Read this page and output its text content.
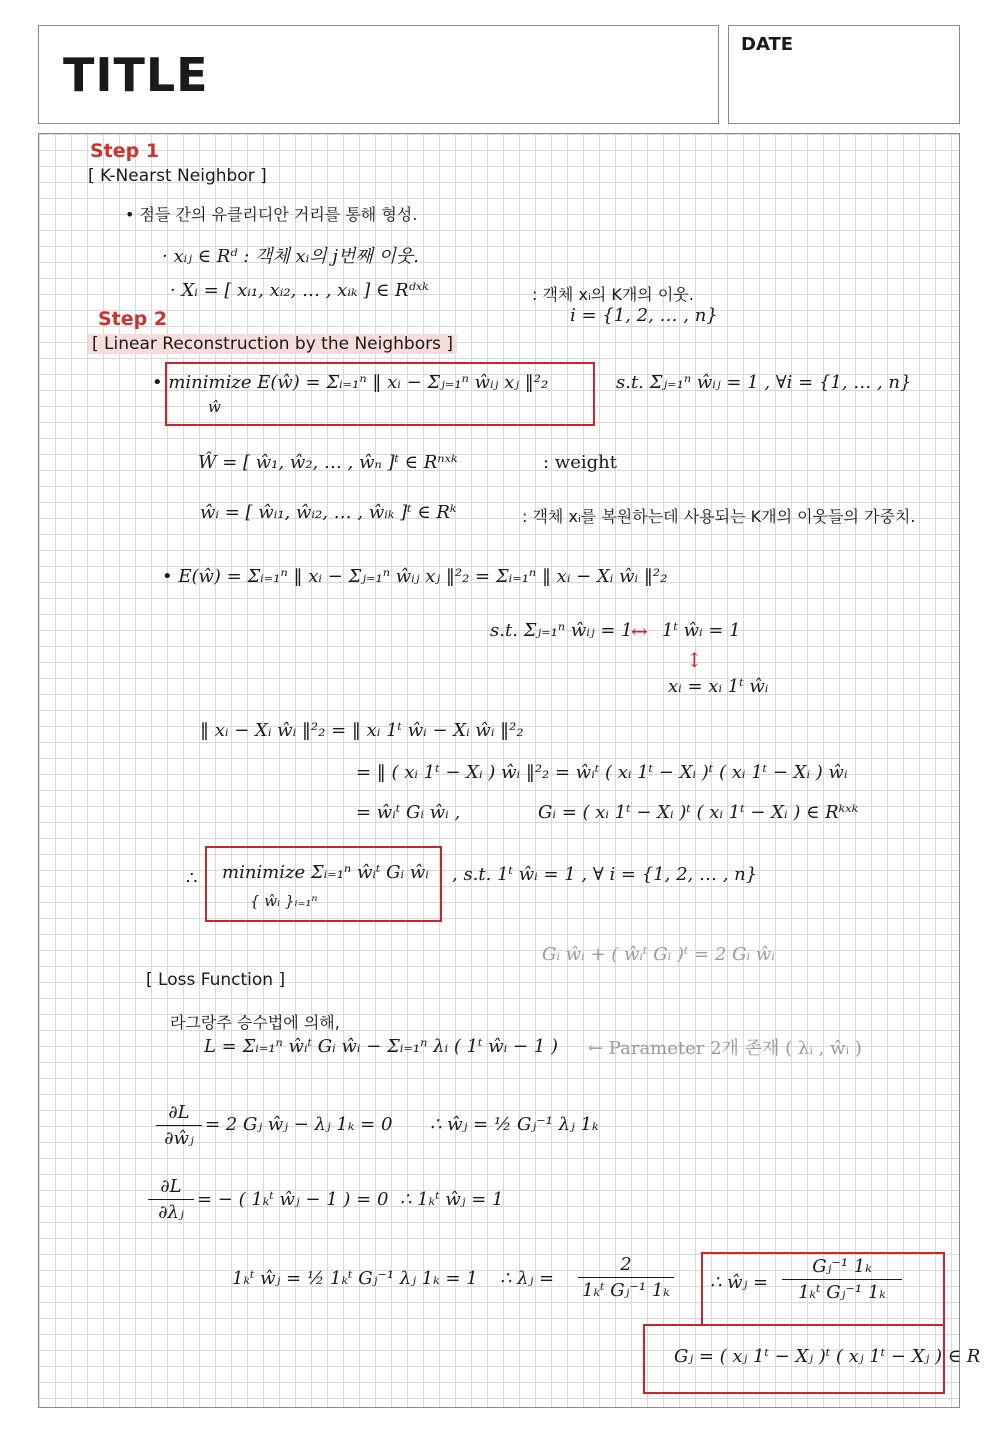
TITLE
DATE
Step 1
[ K-Nearst Neighbor ]
• 점들 간의 유클리디안 거리를 통해 형성.
· xᵢⱼ ∈ Rᵈ : 객체 xᵢ의 j번째 이웃.
· Xᵢ = [ xᵢ₁, xᵢ₂, … , xᵢₖ ] ∈ Rᵈˣᵏ	: 객체 xᵢ의 K개의 이웃.
i = {1, 2, … , n}
Step 2
[ Linear Reconstruction by the Neighbors ]
• minimize E(ŵ) = Σᵢ₌₁ⁿ ‖ xᵢ − Σⱼ₌₁ⁿ ŵᵢⱼ xⱼ ‖²₂
ŵ
s.t. Σⱼ₌₁ⁿ ŵᵢⱼ = 1 , ∀i = {1, … , n}
Ŵ = [ ŵ₁, ŵ₂, … , ŵₙ ]ᵗ ∈ Rⁿˣᵏ	: weight
ŵᵢ = [ ŵᵢ₁, ŵᵢ₂, … , ŵᵢₖ ]ᵗ ∈ Rᵏ	: 객체 xᵢ를 복원하는데 사용되는 K개의 이웃들의 가중치.
• E(ŵ) = Σᵢ₌₁ⁿ ‖ xᵢ − Σⱼ₌₁ⁿ ŵᵢⱼ xⱼ ‖²₂ = Σᵢ₌₁ⁿ ‖ xᵢ − Xᵢ ŵᵢ ‖²₂
s.t. Σⱼ₌₁ⁿ ŵᵢⱼ = 1
↔ 1ᵗ ŵᵢ = 1
↕
xᵢ = xᵢ 1ᵗ ŵᵢ
‖ xᵢ − Xᵢ ŵᵢ ‖²₂ = ‖ xᵢ 1ᵗ ŵᵢ − Xᵢ ŵᵢ ‖²₂
= ‖ ( xᵢ 1ᵗ − Xᵢ ) ŵᵢ ‖²₂ = ŵᵢᵗ ( xᵢ 1ᵗ − Xᵢ )ᵗ ( xᵢ 1ᵗ − Xᵢ ) ŵᵢ
= ŵᵢᵗ Gᵢ ŵᵢ ,	Gᵢ = ( xᵢ 1ᵗ − Xᵢ )ᵗ ( xᵢ 1ᵗ − Xᵢ ) ∈ Rᵏˣᵏ
∴ minimize Σᵢ₌₁ⁿ ŵᵢᵗ Gᵢ ŵᵢ
{ ŵᵢ }ᵢ₌₁ⁿ
, s.t. 1ᵗ ŵᵢ = 1 , ∀ i = {1, 2, … , n}
Gᵢ ŵᵢ + ( ŵᵢᵗ Gᵢ )ᵗ = 2 Gᵢ ŵᵢ
[ Loss Function ]
라그랑주 승수법에 의해,
L = Σᵢ₌₁ⁿ ŵᵢᵗ Gᵢ ŵᵢ − Σᵢ₌₁ⁿ λᵢ ( 1ᵗ ŵᵢ − 1 ) ← Parameter 2개 존재 ( λᵢ , ŵᵢ )
$\frac{\partial L}{\text{∂ŵⱼ}} = 2$ Gⱼ ŵⱼ − λⱼ 1ₖ = 0 ∴ ŵⱼ = ½ Gⱼ⁻¹ λⱼ 1ₖ
$\frac{\partial L}{\text{∂λⱼ}}$ = − ( 1ₖᵗ ŵⱼ − 1 ) = 0 ∴ 1ₖᵗ ŵⱼ = 1
1ₖᵗ ŵⱼ = ½ 1ₖᵗ Gⱼ⁻¹ λⱼ 1ₖ = 1 ∴ λⱼ = $\frac{2}{\text{1ₖᵗ Gⱼ⁻¹ 1ₖ}}$ ∴ ŵⱼ = $\frac{\text{Gⱼ⁻¹ 1ₖ}}{\text{1ₖᵗ Gⱼ⁻¹ 1ₖ}}$
Gⱼ = ( xⱼ 1ᵗ − Xⱼ )ᵗ ( xⱼ 1ᵗ − Xⱼ ) ∈ R
